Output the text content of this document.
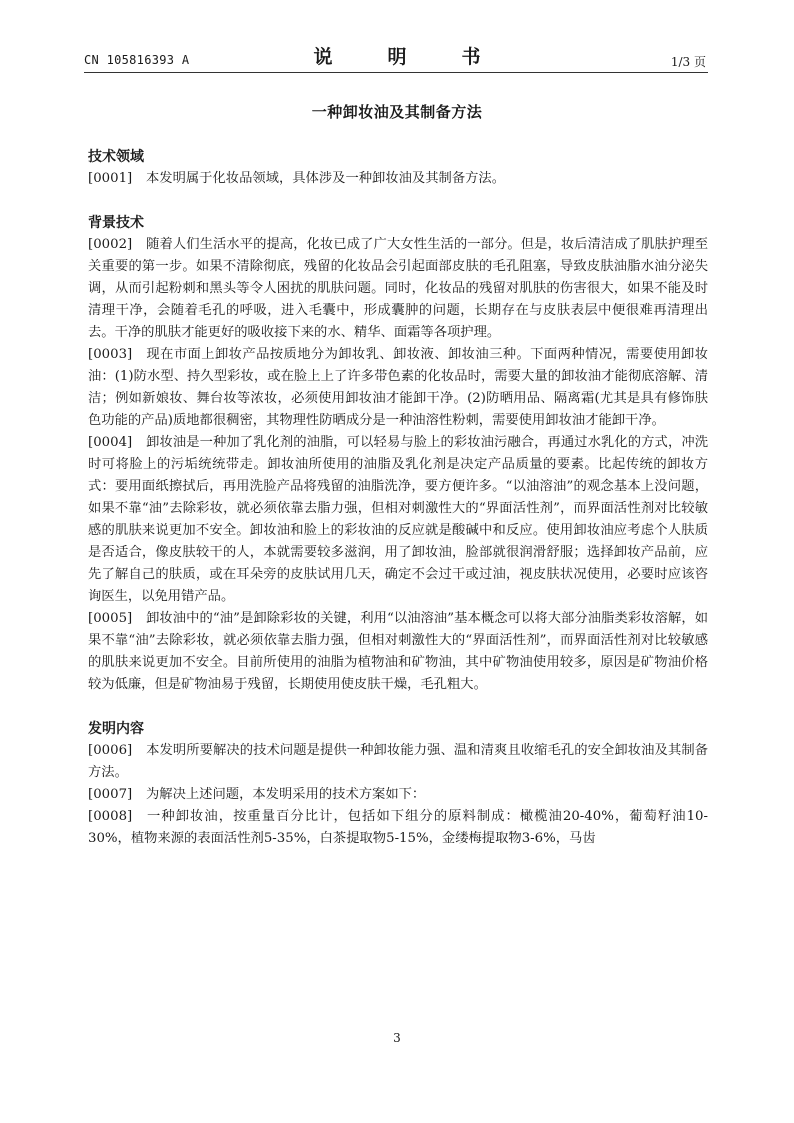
CN 105816393 A	说　明　书	1/3 页
一种卸妆油及其制备方法
技术领域

[0001] 本发明属于化妆品领域，具体涉及一种卸妆油及其制备方法。

背景技术

[0002] 随着人们生活水平的提高，化妆已成了广大女性生活的一部分。但是，妆后清洁成了肌肤护理至关重要的第一步。如果不清除彻底，残留的化妆品会引起面部皮肤的毛孔阻塞，导致皮肤油脂水油分泌失调，从而引起粉刺和黑头等令人困扰的肌肤问题。同时，化妆品的残留对肌肤的伤害很大，如果不能及时清理干净，会随着毛孔的呼吸，进入毛囊中，形成囊肿的问题，长期存在与皮肤表层中便很难再清理出去。干净的肌肤才能更好的吸收接下来的水、精华、面霜等各项护理。

[0003] 现在市面上卸妆产品按质地分为卸妆乳、卸妆液、卸妆油三种。下面两种情况，需要使用卸妆油：(1)防水型、持久型彩妆，或在脸上上了许多带色素的化妆品时，需要大量的卸妆油才能彻底溶解、清洁；例如新娘妆、舞台妆等浓妆，必须使用卸妆油才能卸干净。(2)防晒用品、隔离霜(尤其是具有修饰肤色功能的产品)质地都很稠密，其物理性防晒成分是一种油溶性粉刺，需要使用卸妆油才能卸干净。

[0004] 卸妆油是一种加了乳化剂的油脂，可以轻易与脸上的彩妆油污融合，再通过水乳化的方式，冲洗时可将脸上的污垢统统带走。卸妆油所使用的油脂及乳化剂是决定产品质量的要素。比起传统的卸妆方式：要用面纸擦拭后，再用洗脸产品将残留的油脂洗净，要方便许多。“以油溶油”的观念基本上没问题，如果不靠“油”去除彩妆，就必须依靠去脂力强，但相对刺激性大的“界面活性剂”，而界面活性剂对比较敏感的肌肤来说更加不安全。卸妆油和脸上的彩妆油的反应就是酸碱中和反应。使用卸妆油应考虑个人肤质是否适合，像皮肤较干的人，本就需要较多滋润，用了卸妆油，脸部就很润滑舒服；选择卸妆产品前，应先了解自己的肤质，或在耳朵旁的皮肤试用几天，确定不会过干或过油，视皮肤状况使用，必要时应该咨询医生，以免用错产品。

[0005] 卸妆油中的“油”是卸除彩妆的关键，利用“以油溶油”基本概念可以将大部分油脂类彩妆溶解，如果不靠“油”去除彩妆，就必须依靠去脂力强，但相对刺激性大的“界面活性剂”，而界面活性剂对比较敏感的肌肤来说更加不安全。目前所使用的油脂为植物油和矿物油，其中矿物油使用较多，原因是矿物油价格较为低廉，但是矿物油易于残留，长期使用使皮肤干燥，毛孔粗大。

发明内容

[0006] 本发明所要解决的技术问题是提供一种卸妆能力强、温和清爽且收缩毛孔的安全卸妆油及其制备方法。

[0007] 为解决上述问题，本发明采用的技术方案如下：

[0008] 一种卸妆油，按重量百分比计，包括如下组分的原料制成：橄榄油20-40%，葡萄籽油10-30%，植物来源的表面活性剂5-35%，白茶提取物5-15%，金缕梅提取物3-6%，马齿

3
